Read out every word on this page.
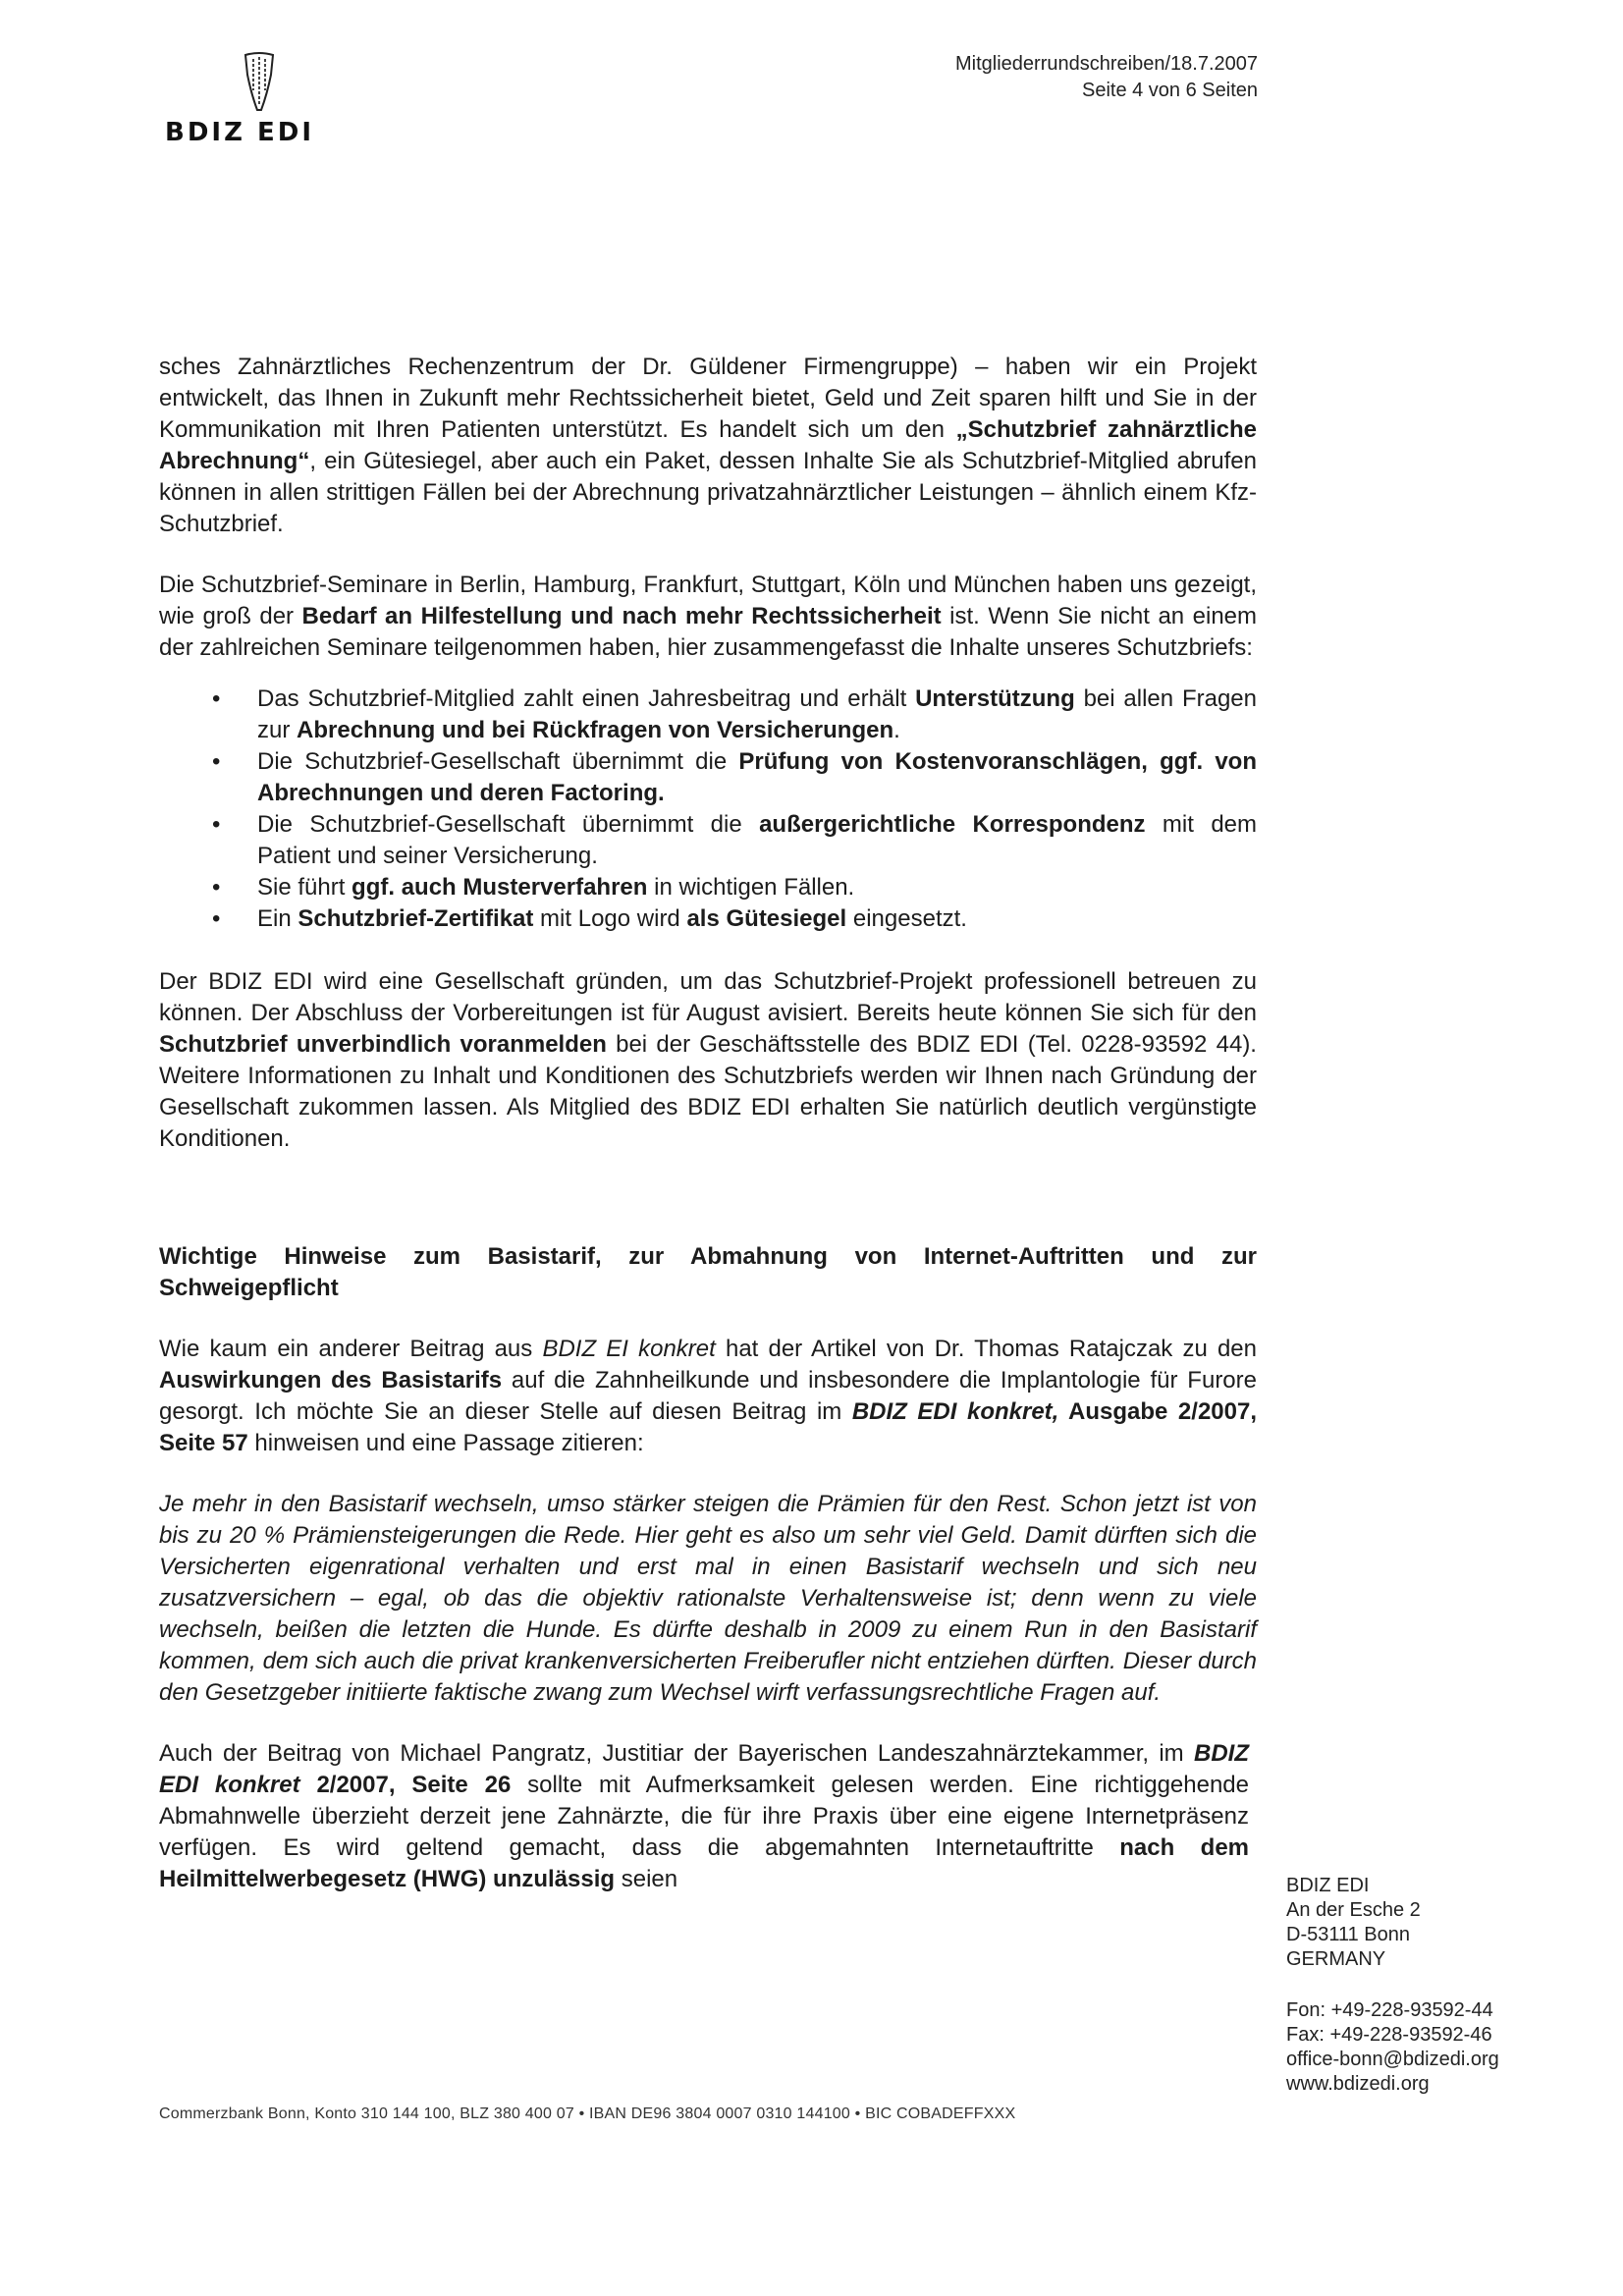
BDIZ EDI
Mitgliederrundschreiben/18.7.2007
Seite 4 von 6 Seiten

sches Zahnärztliches Rechenzentrum der Dr. Güldener Firmengruppe) – haben wir ein Projekt entwickelt, das Ihnen in Zukunft mehr Rechtssicherheit bietet, Geld und Zeit sparen hilft und Sie in der Kommunikation mit Ihren Patienten unterstützt. Es handelt sich um den „Schutzbrief zahnärztliche Abrechnung“, ein Gütesiegel, aber auch ein Paket, dessen Inhalte Sie als Schutzbrief-Mitglied abrufen können in allen strittigen Fällen bei der Abrechnung privatzahnärztlicher Leistungen – ähnlich einem Kfz-Schutzbrief.

Die Schutzbrief-Seminare in Berlin, Hamburg, Frankfurt, Stuttgart, Köln und München haben uns gezeigt, wie groß der Bedarf an Hilfestellung und nach mehr Rechtssicherheit ist. Wenn Sie nicht an einem der zahlreichen Seminare teilgenommen haben, hier zusammengefasst die Inhalte unseres Schutzbriefs:

• Das Schutzbrief-Mitglied zahlt einen Jahresbeitrag und erhält Unterstützung bei allen Fragen zur Abrechnung und bei Rückfragen von Versicherungen.
• Die Schutzbrief-Gesellschaft übernimmt die Prüfung von Kostenvoranschlägen, ggf. von Abrechnungen und deren Factoring.
• Die Schutzbrief-Gesellschaft übernimmt die außergerichtliche Korrespondenz mit dem Patient und seiner Versicherung.
• Sie führt ggf. auch Musterverfahren in wichtigen Fällen.
• Ein Schutzbrief-Zertifikat mit Logo wird als Gütesiegel eingesetzt.

Der BDIZ EDI wird eine Gesellschaft gründen, um das Schutzbrief-Projekt professionell betreuen zu können. Der Abschluss der Vorbereitungen ist für August avisiert. Bereits heute können Sie sich für den Schutzbrief unverbindlich voranmelden bei der Geschäftsstelle des BDIZ EDI (Tel. 0228-93592 44). Weitere Informationen zu Inhalt und Konditionen des Schutzbriefs werden wir Ihnen nach Gründung der Gesellschaft zukommen lassen. Als Mitglied des BDIZ EDI erhalten Sie natürlich deutlich vergünstigte Konditionen.

Wichtige Hinweise zum Basistarif, zur Abmahnung von Internet-Auftritten und zur Schweigepflicht

Wie kaum ein anderer Beitrag aus BDIZ EI konkret hat der Artikel von Dr. Thomas Ratajczak zu den Auswirkungen des Basistarifs auf die Zahnheilkunde und insbesondere die Implantologie für Furore gesorgt. Ich möchte Sie an dieser Stelle auf diesen Beitrag im BDIZ EDI konkret, Ausgabe 2/2007, Seite 57 hinweisen und eine Passage zitieren:

Je mehr in den Basistarif wechseln, umso stärker steigen die Prämien für den Rest. Schon jetzt ist von bis zu 20 % Prämiensteigerungen die Rede. Hier geht es also um sehr viel Geld. Damit dürften sich die Versicherten eigenrational verhalten und erst mal in einen Basistarif wechseln und sich neu zusatzversichern – egal, ob das die objektiv rationalste Verhaltensweise ist; denn wenn zu viele wechseln, beißen die letzten die Hunde. Es dürfte deshalb in 2009 zu einem Run in den Basistarif kommen, dem sich auch die privat krankenversicherten Freiberufler nicht entziehen dürften. Dieser durch den Gesetzgeber initiierte faktische zwang zum Wechsel wirft verfassungsrechtliche Fragen auf.

Auch der Beitrag von Michael Pangratz, Justitiar der Bayerischen Landeszahnärztekammer, im BDIZ EDI konkret 2/2007, Seite 26 sollte mit Aufmerksamkeit gelesen werden. Eine richtiggehende Abmahnwelle überzieht derzeit jene Zahnärzte, die für ihre Praxis über eine eigene Internetpräsenz verfügen. Es wird geltend gemacht, dass die abgemahnten Internetauftritte nach dem Heilmittelwerbegesetz (HWG) unzulässig seien	BDIZ EDI
An der Esche 2
D-53111 Bonn
GERMANY
Fon: +49-228-93592-44
Fax: +49-228-93592-46
office-bonn@bdizedi.org
www.bdizedi.org
Commerzbank Bonn, Konto 310 144 100, BLZ 380 400 07 • IBAN DE96 3804 0007 0310 144100 • BIC COBADEFFXXX
